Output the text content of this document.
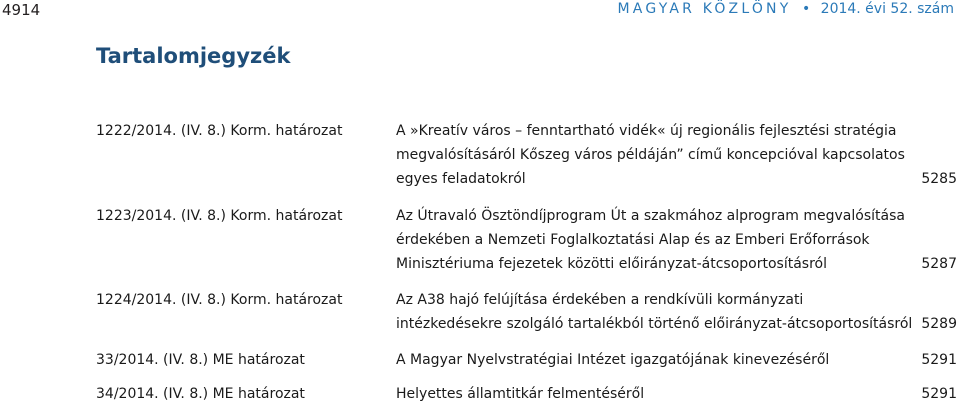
4914	MAGYAR KÖZLÖNY • 2014. évi 52. szám
Tartalomjegyzék
1222/2014. (IV. 8.) Korm. határozat	A »Kreatív város – fenntartható vidék« új regionális fejlesztési stratégia
megvalósításáról Kőszeg város példáján” című koncepcióval kapcsolatos
egyes feladatokról	5285
1223/2014. (IV. 8.) Korm. határozat	Az Útravaló Ösztöndíjprogram Út a szakmához alprogram megvalósítása
érdekében a Nemzeti Foglalkoztatási Alap és az Emberi Erőforrások
Minisztériuma fejezetek közötti előirányzat-átcsoportosításról	5287
1224/2014. (IV. 8.) Korm. határozat	Az A38 hajó felújítása érdekében a rendkívüli kormányzati
intézkedésekre szolgáló tartalékból történő előirányzat-átcsoportosításról 5289
33/2014. (IV. 8.) ME határozat	A Magyar Nyelvstratégiai Intézet igazgatójának kinevezéséről	5291
34/2014. (IV. 8.) ME határozat	Helyettes államtitkár felmentéséről	5291
